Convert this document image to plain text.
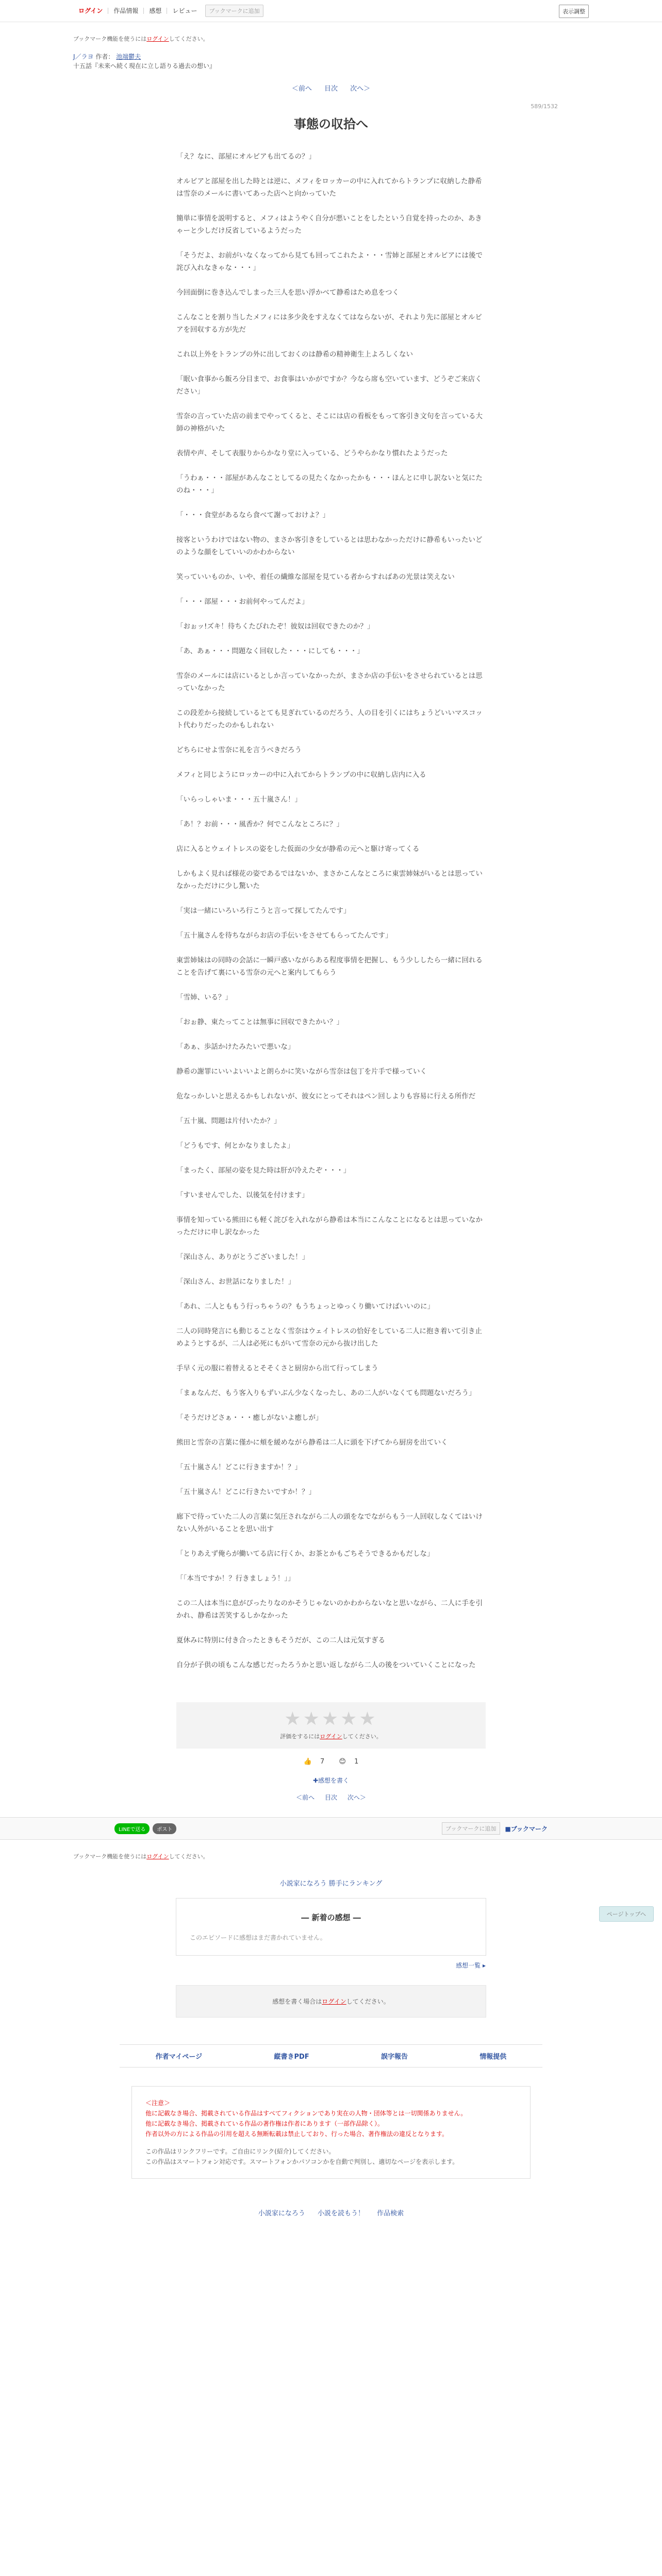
ログイン	作品情報	感想	レビュー	ブックマークに追加	表示調整
ブックマーク機能を使うにはログインしてください。
J／ラヨ 作者： 池端鬱夫
十五話『未来へ続く現在に立し語りる過去の想い』
＜前へ 目次 次へ＞
589/1532
事態の収拾へ

「え？なに、部屋にオルビアも出てるの？」

オルビアと部屋を出した時とは逆に、メフィをロッカーの中に入れてからトランプに収納した静希は雪奈のメールに書いてあった店へと向かっていた

簡単に事情を説明すると、メフィはようやく自分が悪いことをしたという自覚を持ったのか、あきゃーと少しだけ反省しているようだった

「そうだよ、お前がいなくなってから見ても回ってこれたよ・・・雪姉と部屋とオルビアには後で詫び入れなきゃな・・・」

今回面倒に巻き込んでしまった三人を思い浮かべて静希はため息をつく

こんなことを割り当したメフィには多少灸をすえなくてはならないが、それより先に部屋とオルビアを回収する方が先だ

これ以上外をトランプの外に出しておくのは静希の精神衛生上よろしくない

「眠い食事から飯ろ分目まで、お食事はいかがですか？今なら席も空いています、どうぞご来店ください」

雪奈の言っていた店の前までやってくると、そこには店の看板をもって客引き文句を言っている大師の神格がいた

表情や声、そして表服りからかなり堂に入っている、どうやらかなり慣れたようだった

「うわぁ・・・部屋があんなことしてるの見たくなかったかも・・・ほんとに申し訳ないと気にたのね・・・」

「・・・食堂があるなら食べて謝っておけよ？」

接客というわけではない物の、まさか客引きをしているとは思わなかっただけに静希もいったいどのような顔をしていいのかわからない

笑っていいものか、いや、着任の繊維な部屋を見ている者からすればあの光景は笑えない

「・・・部屋・・・お前何やってんだよ」

「おぉッ!ズキ！待ちくたびれたぞ！彼奴は回収できたのか？」

「あ、あぁ・・・問題なく回収した・・・にしても・・・」

雪奈のメールには店にいるとしか言っていなかったが、まさか店の手伝いをさせられているとは思っていなかった

この段差から接続しているとても見ぎれているのだろう、人の目を引くにはちょうどいいマスコット代わりだったのかもしれない

どちらにせよ雪奈に礼を言うべきだろう

メフィと同じようにロッカーの中に入れてからトランプの中に収納し店内に入る

「いらっしゃいま・・・五十嵐さん！」

「あ！？お前・・・風香か？何でこんなところに？」

店に入るとウェイトレスの姿をした仮面の少女が静希の元へと駆け寄ってくる

しかもよく見れば様花の姿であるではないか、まさかこんなところに東雲姉妹がいるとは思っていなかっただけに少し驚いた

「実は一緒にいろいろ行こうと言って探してたんです」

「五十嵐さんを待ちながらお店の手伝いをさせてもらってたんです」

東雲姉妹はの同時の会話に一瞬戸惑いながらある程度事情を把握し、もう少ししたら一緒に回れることを告げて裏にいる雪奈の元へと案内してもらう

「雪姉、いる？」

「おぉ静、東たってことは無事に回収できたかい？」

「あぁ、歩話かけたみたいで悪いな」

静希の謝罪にいいよいいよと朗らかに笑いながら雪奈は包丁を片手で様っていく

危なっかしいと思えるかもしれないが、彼女にとってそれはペン回しよりも容易に行える所作だ

「五十嵐、問題は片付いたか？」

「どうもです、何とかなりましたよ」

「まったく、部屋の姿を見た時は肝が冷えたぞ・・・」

「すいませんでした、以後気を付けます」

事情を知っている熊田にも軽く詫びを入れながら静希は本当にこんなことになるとは思っていなかっただけに申し訳なかった

「深山さん、ありがとうございました！」

「深山さん、お世話になりました！」

「あれ、二人とももう行っちゃうの？もうちょっとゆっくり働いてけばいいのに」

二人の同時発言にも動じることなく雪奈はウェイトレスの恰好をしている二人に抱き着いて引き止めようとするが、二人は必死にもがいて雪奈の元から抜け出した

手早く元の服に着替えるとそそくさと厨房から出て行ってしまう

「まぁなんだ、もう客入りもずいぶん少なくなったし、あの二人がいなくても問題ないだろう」

「そうだけどさぁ・・・癒しがないよ癒しが」

熊田と雪奈の言葉に僅かに頬を緩めながら静希は二人に頭を下げてから厨房を出ていく

「五十嵐さん！どこに行きますか！？」

「五十嵐さん！どこに行きたいですか！？」

廊下で待っていた二人の言葉に気圧されながら二人の頭をなでながらもう一人回収しなくてはいけない人外がいることを思い出す

「とりあえず俺らが働いてる店に行くか、お茶とかもごちそうできるかもだしな」

「「本当ですか！？行きましょう！」」

この二人は本当に息がぴったりなのかそうじゃないのかわからないなと思いながら、二人に手を引かれ、静希は苦笑するしかなかった

夏休みに特別に付き合ったときもそうだが、この二人は元気すぎる

自分が子供の頃もこんな感じだったろうかと思い返しながら二人の後をついていくことになった

★★★★★
評価をするにはログインしてください。
👍 7 😊 1
✚感想を書く
＜前へ 目次 次へ＞
LINEで送る	ポスト	ブックマークに追加	■ブックマーク
ブックマーク機能を使うにはログインしてください。
小説家になろう 勝手にランキング
― 新着の感想 ―
このエピソードに感想はまだ書かれていません。
感想一覧 ▸
感想を書く場合はログインしてください。
作者マイページ	縦書きPDF	誤字報告	情報提供
＜注意＞
他に記載なき場合、掲載されている作品はすべてフィクションであり実在の人物・団体等とは一切関係ありません。
他に記載なき場合、掲載されている作品の著作権は作者にあります（一部作品除く）。
作者以外の方による作品の引用を超える無断転載は禁止しており、行った場合、著作権法の違反となります。
この作品はリンクフリーです。ご自由にリンク(紹介)してください。
この作品はスマートフォン対応です。スマートフォンかパソコンかを自動で判別し、適切なページを表示します。
小説家になろう 小説を読もう！ 作品検索
ページトップへ
